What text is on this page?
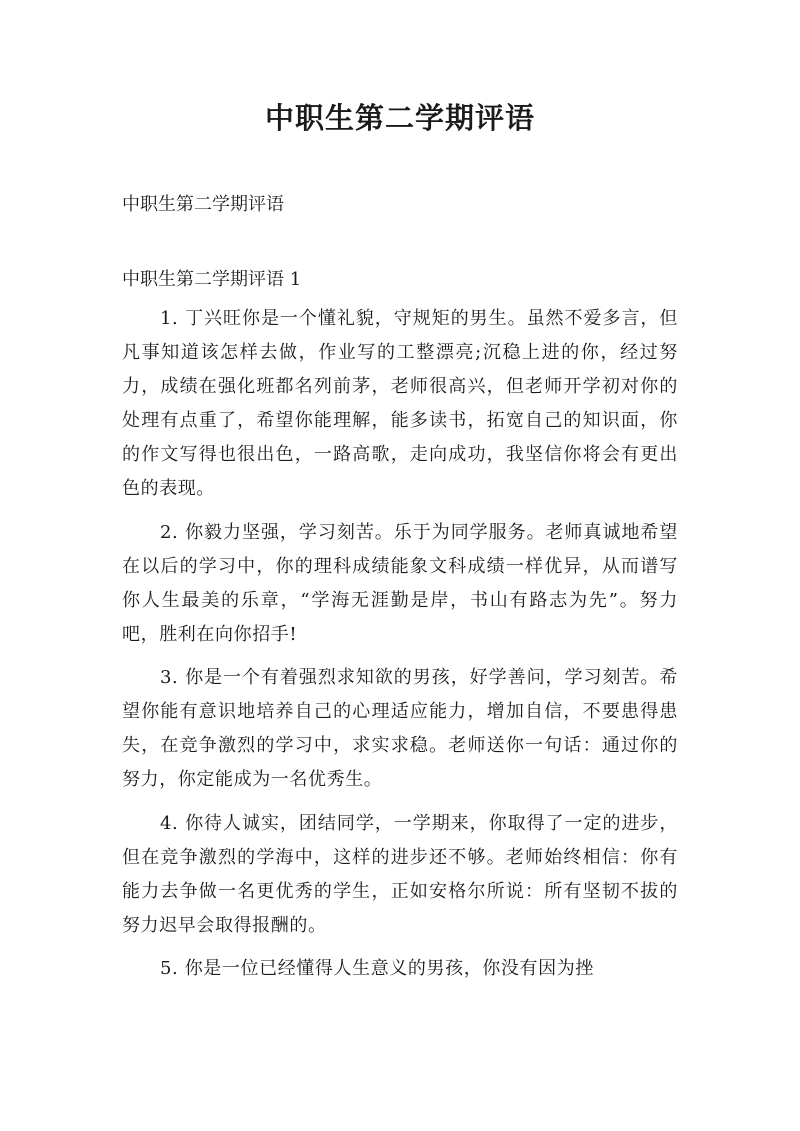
中职生第二学期评语
中职生第二学期评语
中职生第二学期评语 1

1. 丁兴旺你是一个懂礼貌，守规矩的男生。虽然不爱多言，但凡事知道该怎样去做，作业写的工整漂亮;沉稳上进的你，经过努力，成绩在强化班都名列前茅，老师很高兴，但老师开学初对你的处理有点重了，希望你能理解，能多读书，拓宽自己的知识面，你的作文写得也很出色，一路高歌，走向成功，我坚信你将会有更出色的表现。

2. 你毅力坚强，学习刻苦。乐于为同学服务。老师真诚地希望在以后的学习中，你的理科成绩能象文科成绩一样优异，从而谱写你人生最美的乐章，“学海无涯勤是岸，书山有路志为先”。努力吧，胜利在向你招手!

3. 你是一个有着强烈求知欲的男孩，好学善问，学习刻苦。希望你能有意识地培养自己的心理适应能力，增加自信，不要患得患失，在竞争激烈的学习中，求实求稳。老师送你一句话：通过你的努力，你定能成为一名优秀生。

4. 你待人诚实，团结同学，一学期来，你取得了一定的进步，但在竞争激烈的学海中，这样的进步还不够。老师始终相信：你有能力去争做一名更优秀的学生，正如安格尔所说：所有坚韧不拔的努力迟早会取得报酬的。

5. 你是一位已经懂得人生意义的男孩，你没有因为挫
